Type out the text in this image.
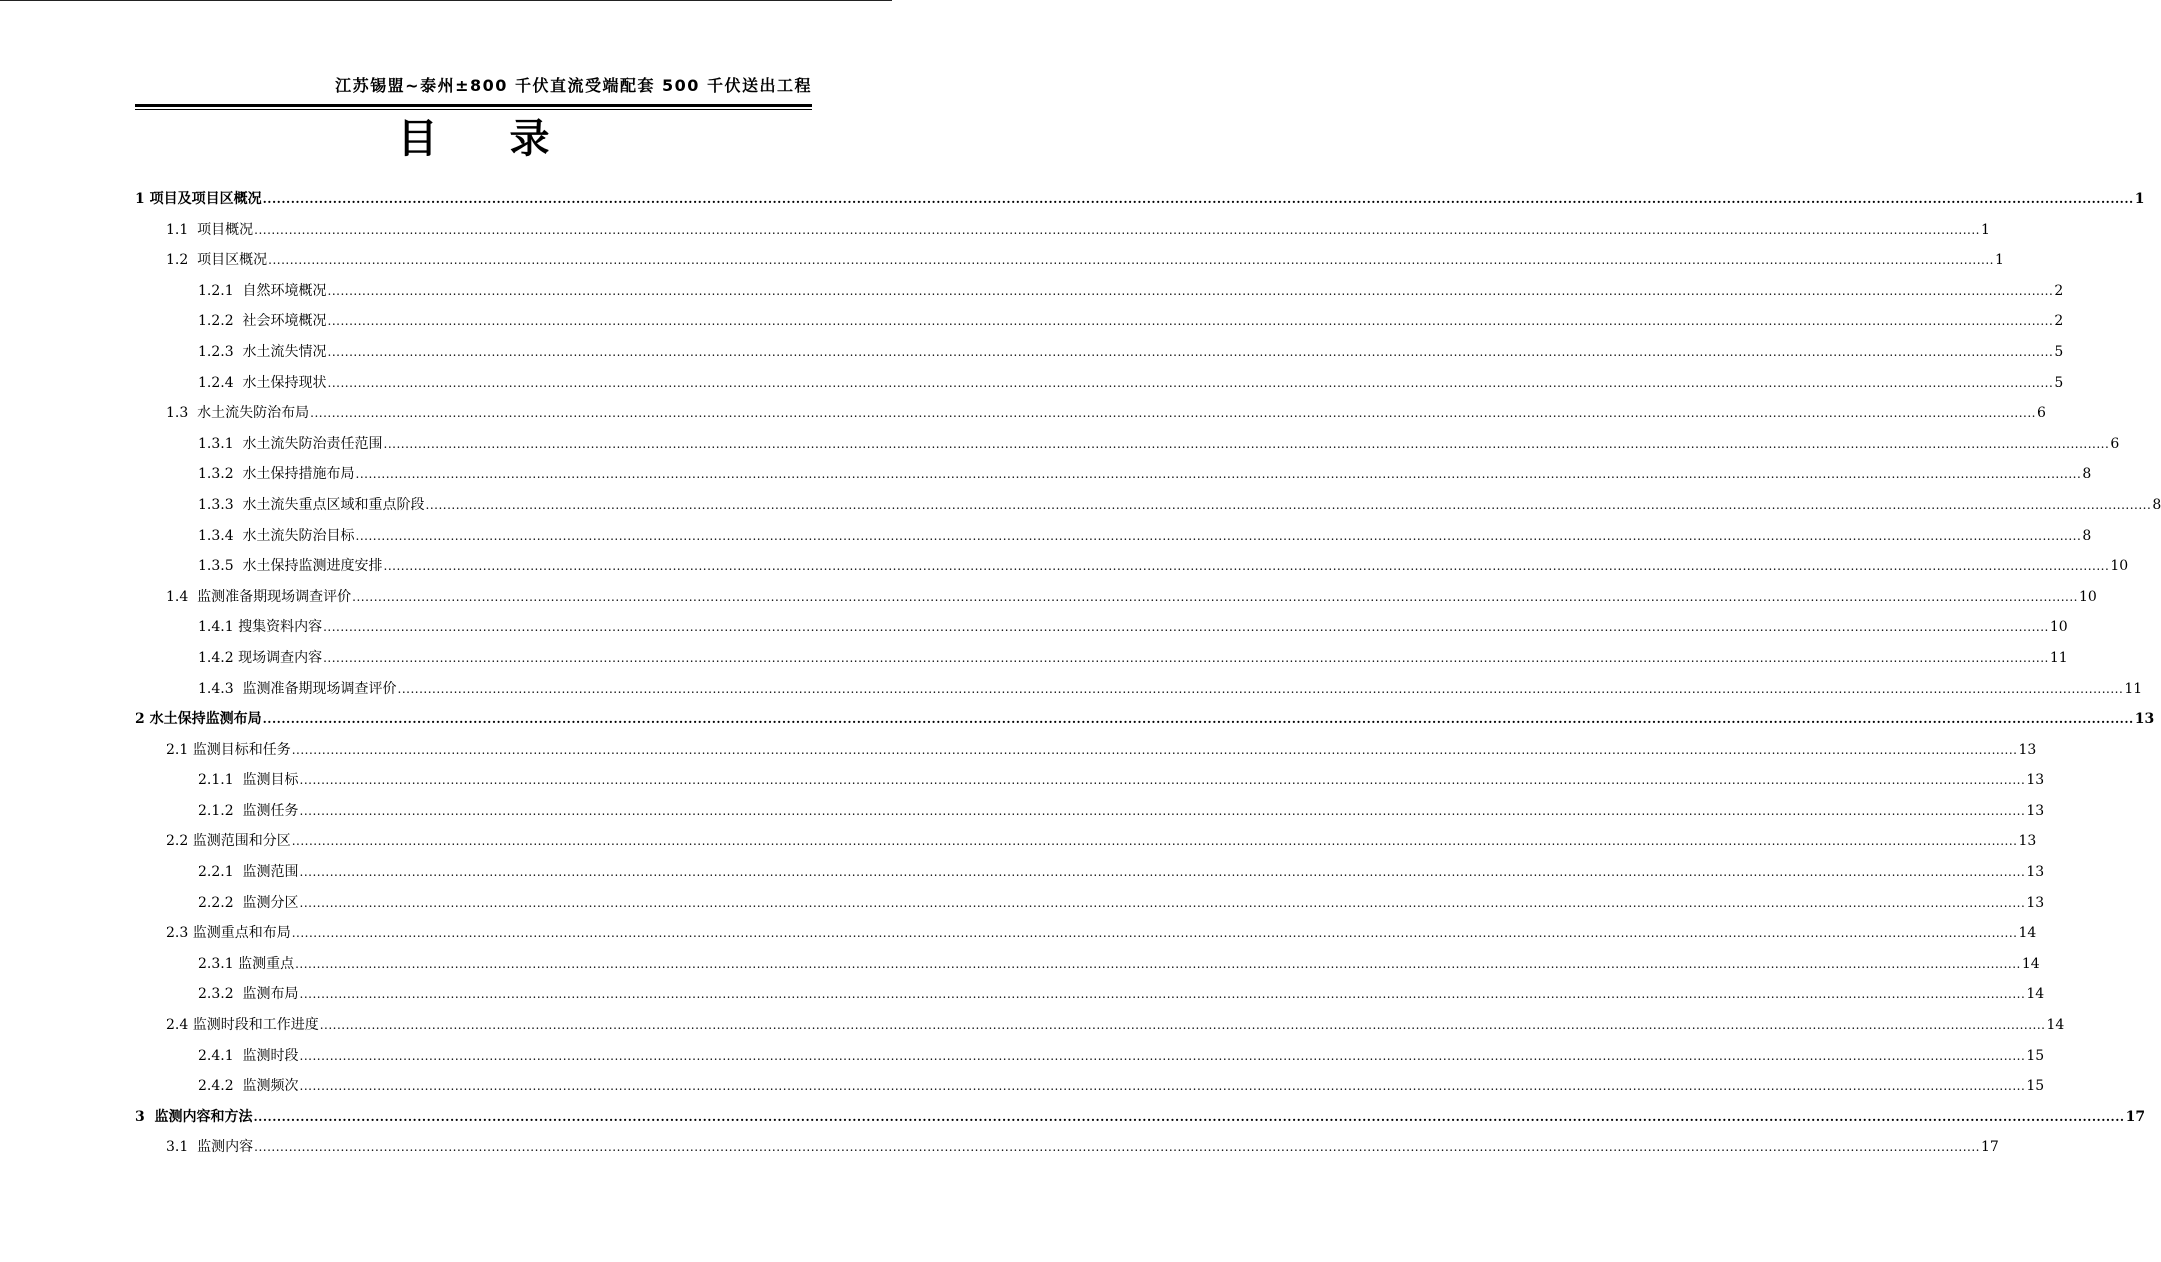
江苏锡盟~泰州±800 千伏直流受端配套 500 千伏送出工程
目录
1
项目及项目区概况 ................................................................................................................................................................................................................................................................................................................................................................................................................ 1
1.1
项目概况 ................................................................................................................................................................................................................................................................................................................................................................................................................ 1
1.2
项目区概况 ................................................................................................................................................................................................................................................................................................................................................................................................................ 1
1.2.1
自然环境概况 ................................................................................................................................................................................................................................................................................................................................................................................................................ 2
1.2.2
社会环境概况 ................................................................................................................................................................................................................................................................................................................................................................................................................ 2
1.2.3
水土流失情况 ................................................................................................................................................................................................................................................................................................................................................................................................................ 5
1.2.4
水土保持现状 ................................................................................................................................................................................................................................................................................................................................................................................................................ 5
1.3
水土流失防治布局 ................................................................................................................................................................................................................................................................................................................................................................................................................ 6
1.3.1
水土流失防治责任范围 ................................................................................................................................................................................................................................................................................................................................................................................................................ 6
1.3.2
水土保持措施布局 ................................................................................................................................................................................................................................................................................................................................................................................................................ 8
1.3.3
水土流失重点区域和重点阶段 ................................................................................................................................................................................................................................................................................................................................................................................................................ 8
1.3.4
水土流失防治目标 ................................................................................................................................................................................................................................................................................................................................................................................................................ 8
1.3.5
水土保持监测进度安排 ................................................................................................................................................................................................................................................................................................................................................................................................................ 10
1.4
监测准备期现场调查评价 ................................................................................................................................................................................................................................................................................................................................................................................................................ 10
1.4.1
搜集资料内容 ................................................................................................................................................................................................................................................................................................................................................................................................................ 10
1.4.2
现场调查内容 ................................................................................................................................................................................................................................................................................................................................................................................................................ 11
1.4.3
监测准备期现场调查评价 ................................................................................................................................................................................................................................................................................................................................................................................................................ 11
2
水土保持监测布局 ................................................................................................................................................................................................................................................................................................................................................................................................................ 13
2.1
监测目标和任务 ................................................................................................................................................................................................................................................................................................................................................................................................................ 13
2.1.1
监测目标 ................................................................................................................................................................................................................................................................................................................................................................................................................ 13
2.1.2
监测任务 ................................................................................................................................................................................................................................................................................................................................................................................................................ 13
2.2
监测范围和分区 ................................................................................................................................................................................................................................................................................................................................................................................................................ 13
2.2.1
监测范围 ................................................................................................................................................................................................................................................................................................................................................................................................................ 13
2.2.2
监测分区 ................................................................................................................................................................................................................................................................................................................................................................................................................ 13
2.3
监测重点和布局 ................................................................................................................................................................................................................................................................................................................................................................................................................ 14
2.3.1
监测重点 ................................................................................................................................................................................................................................................................................................................................................................................................................ 14
2.3.2
监测布局 ................................................................................................................................................................................................................................................................................................................................................................................................................ 14
2.4
监测时段和工作进度 ................................................................................................................................................................................................................................................................................................................................................................................................................ 14
2.4.1
监测时段 ................................................................................................................................................................................................................................................................................................................................................................................................................ 15
2.4.2
监测频次 ................................................................................................................................................................................................................................................................................................................................................................................................................ 15
3
监测内容和方法 ................................................................................................................................................................................................................................................................................................................................................................................................................ 17
3.1
监测内容 ................................................................................................................................................................................................................................................................................................................................................................................................................ 17
